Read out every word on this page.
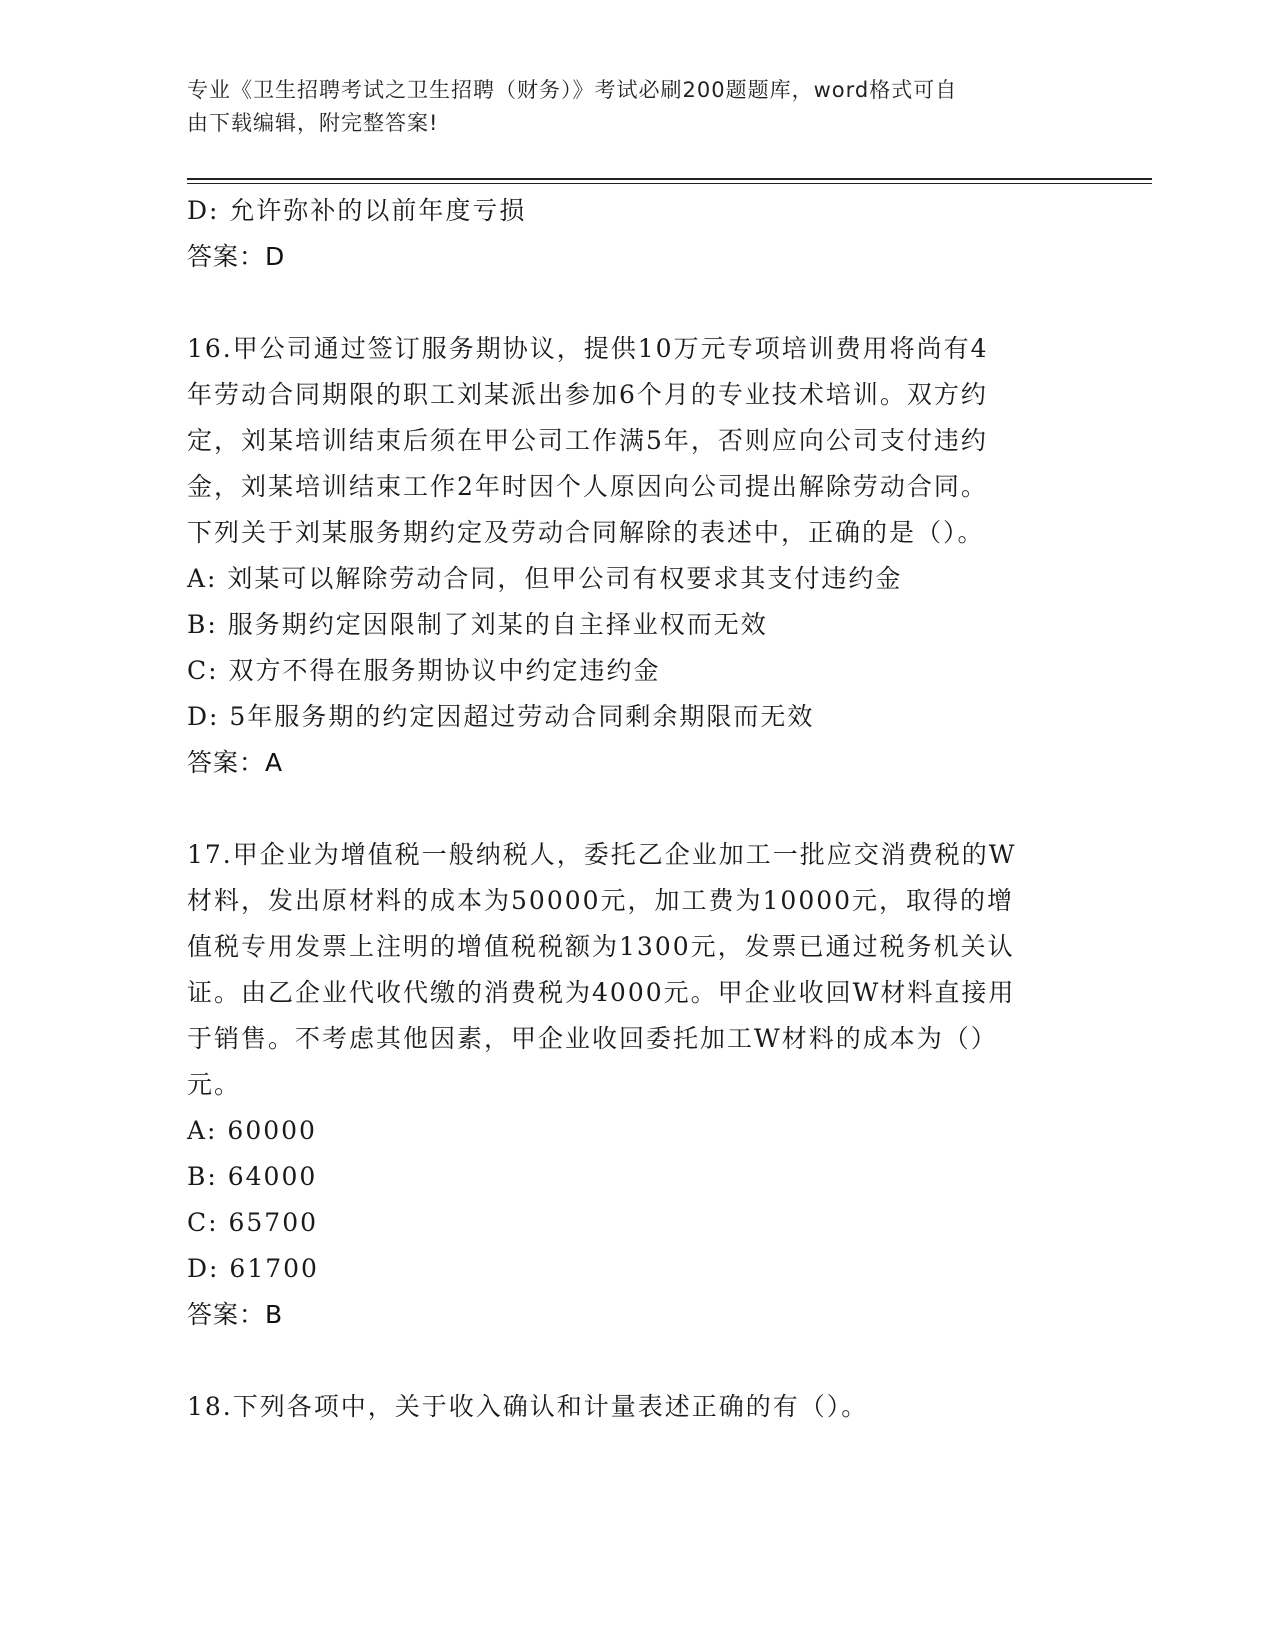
专业《卫生招聘考试之卫生招聘（财务）》考试必刷200题题库，word格式可自
由下载编辑，附完整答案!
D: 允许弥补的以前年度亏损
答案：D
16.甲公司通过签订服务期协议，提供10万元专项培训费用将尚有4
年劳动合同期限的职工刘某派出参加6个月的专业技术培训。双方约
定，刘某培训结束后须在甲公司工作满5年，否则应向公司支付违约
金，刘某培训结束工作2年时因个人原因向公司提出解除劳动合同。
下列关于刘某服务期约定及劳动合同解除的表述中，正确的是（）。
A: 刘某可以解除劳动合同，但甲公司有权要求其支付违约金
B: 服务期约定因限制了刘某的自主择业权而无效
C: 双方不得在服务期协议中约定违约金
D: 5年服务期的约定因超过劳动合同剩余期限而无效
答案：A
17.甲企业为增值税一般纳税人，委托乙企业加工一批应交消费税的W
材料，发出原材料的成本为50000元，加工费为10000元，取得的增
值税专用发票上注明的增值税税额为1300元，发票已通过税务机关认
证。由乙企业代收代缴的消费税为4000元。甲企业收回W材料直接用
于销售。不考虑其他因素，甲企业收回委托加工W材料的成本为（）
元。
A: 60000
B: 64000
C: 65700
D: 61700
答案：B
18.下列各项中，关于收入确认和计量表述正确的有（）。
